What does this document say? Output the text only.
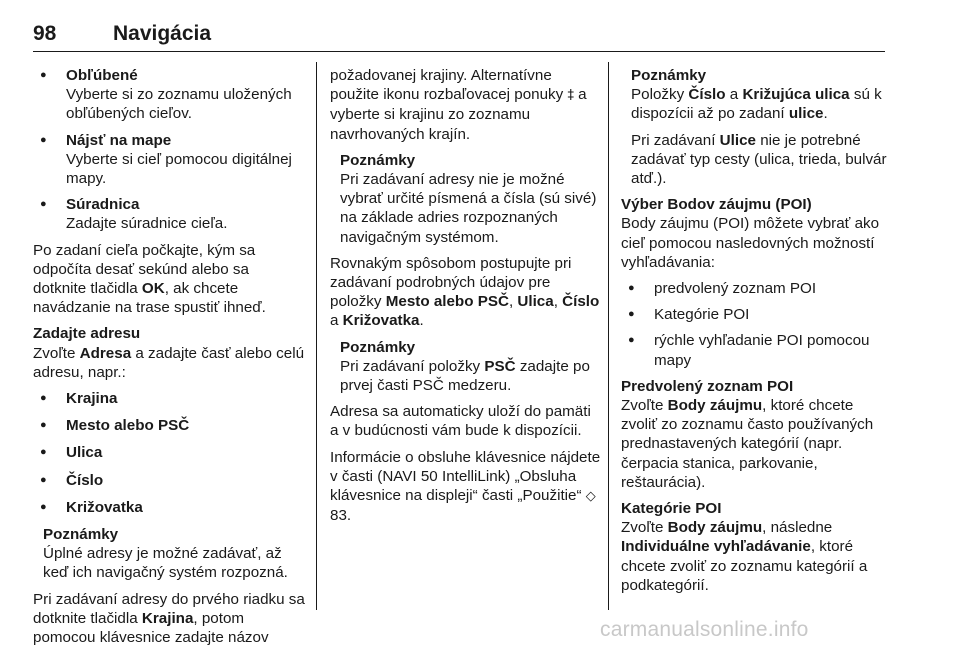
98	Navigácia
● Obľúbené
Vyberte si zo zoznamu uložených obľúbených cieľov.
● Nájsť na mape
Vyberte si cieľ pomocou digitálnej mapy.
● Súradnica
Zadajte súradnice cieľa.

Po zadaní cieľa počkajte, kým sa odpočíta desať sekúnd alebo sa dotknite tlačidla OK, ak chcete navádzanie na trase spustiť ihneď.

Zadajte adresu

Zvoľte Adresa a zadajte časť alebo celú adresu, napr.:

● Krajina
● Mesto alebo PSČ
● Ulica
● Číslo
● Križovatka
Poznámky
Úplné adresy je možné zadávať, až keď ich navigačný systém rozpozná.

Pri zadávaní adresy do prvého riadku sa dotknite tlačidla Krajina, potom pomocou klávesnice zadajte názov

požadovanej krajiny. Alternatívne použite ikonu rozbaľovacej ponuky ‡ a vyberte si krajinu zo zoznamu navrhovaných krajín.

Poznámky
Pri zadávaní adresy nie je možné vybrať určité písmená a čísla (sú sivé) na základe adries rozpoznaných navigačným systémom.

Rovnakým spôsobom postupujte pri zadávaní podrobných údajov pre položky Mesto alebo PSČ, Ulica, Číslo a Križovatka.

Poznámky
Pri zadávaní položky PSČ zadajte po prvej časti PSČ medzeru.

Adresa sa automaticky uloží do pamäti a v budúcnosti vám bude k dispozícii.

Informácie o obsluhe klávesnice nájdete v časti (NAVI 50 IntelliLink) „Obsluha klávesnice na displeji“ časti „Použitie“ ◇ 83.

Poznámky
Položky Číslo a Križujúca ulica sú k dispozícii až po zadaní ulice.
Pri zadávaní Ulice nie je potrebné zadávať typ cesty (ulica, trieda, bulvár atď.).
Výber Bodov záujmu (POI)

Body záujmu (POI) môžete vybrať ako cieľ pomocou nasledovných možností vyhľadávania:

● predvolený zoznam POI
● Kategórie POI
● rýchle vyhľadanie POI pomocou mapy
Predvolený zoznam POI

Zvoľte Body záujmu, ktoré chcete zvoliť zo zoznamu často používaných prednastavených kategórií (napr. čerpacia stanica, parkovanie, reštaurácia).

Kategórie POI

Zvoľte Body záujmu, následne Individuálne vyhľadávanie, ktoré chcete zvoliť zo zoznamu kategórií a podkategórií.

carmanualsonline.info
